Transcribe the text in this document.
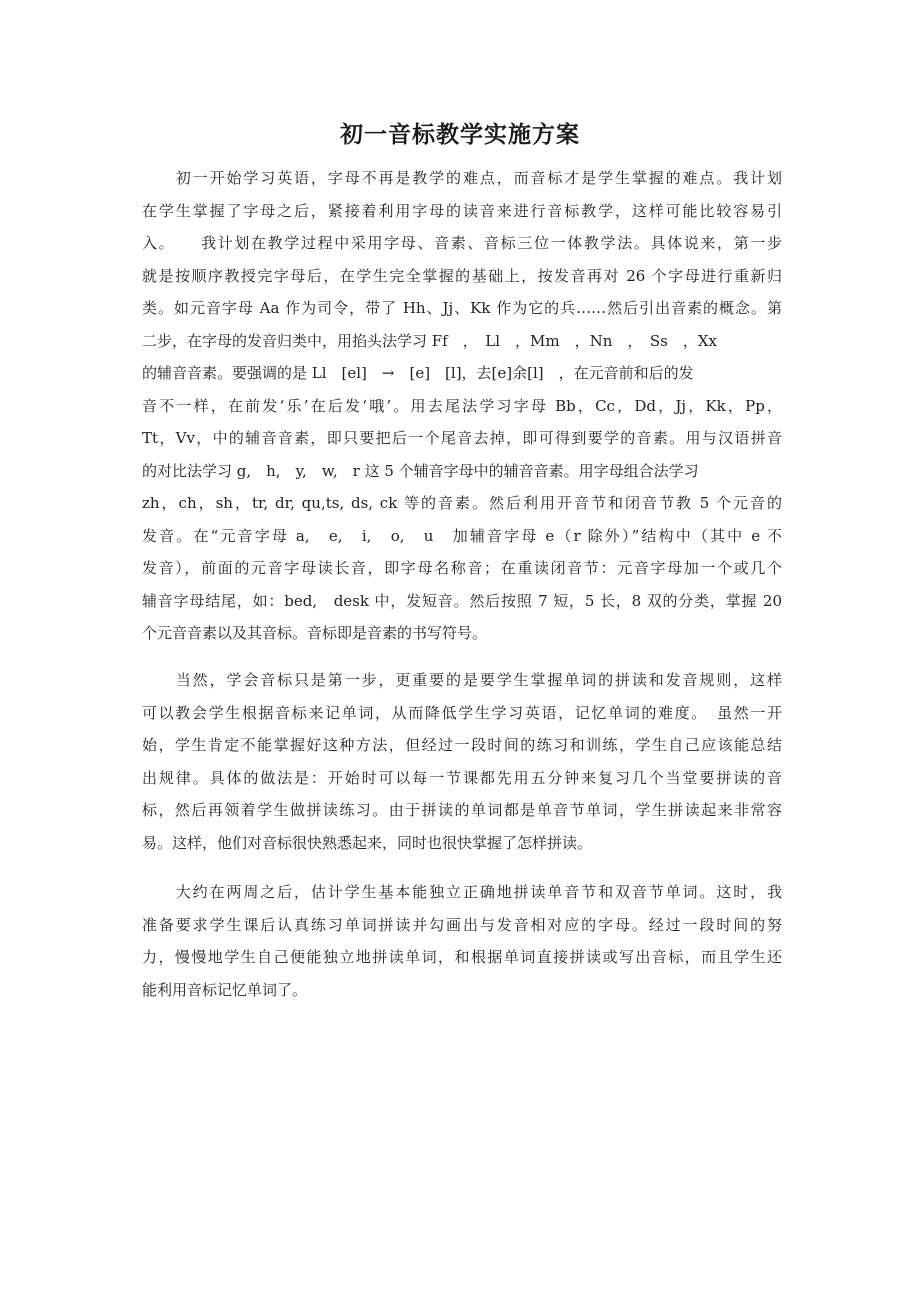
初一音标教学实施方案
　　初一开始学习英语，字母不再是教学的难点，而音标才是学生掌握的难点。我计划
在学生掌握了字母之后，紧接着利用字母的读音来进行音标教学，这样可能比较容易引
入。　　我计划在教学过程中采用字母、音素、音标三位一体教学法。具体说来，第一步
就是按顺序教授完字母后，在学生完全掌握的基础上，按发音再对 26 个字母进行重新归
类。如元音字母 Aa 作为司令，带了 Hh、Jj、Kk 作为它的兵……然后引出音素的概念。第
二步，在字母的发音归类中，用掐头法学习 Ff　，　Ll　，Mm　，Nn　，　Ss　，Xx
的辅音音素。要强调的是 Ll　[el]　→　[e]　[l]，去[e]余[l]　，在元音前和后的发
音不一样，在前发‘乐’在后发‘哦’。用去尾法学习字母 Bb，Cc，Dd，Jj，Kk，Pp，
Tt，Vv，中的辅音音素，即只要把后一个尾音去掉，即可得到要学的音素。用与汉语拼音
的对比法学习 g,　h,　y,　w,　r 这 5 个辅音字母中的辅音音素。用字母组合法学习
zh，ch，sh，tr, dr, qu,ts, ds, ck 等的音素。然后利用开音节和闭音节教 5 个元音的
发音。在“元音字母 a,　e,　i,　o,　u　加辅音字母 e（r 除外）”结构中（其中 e 不
发音），前面的元音字母读长音，即字母名称音；在重读闭音节：元音字母加一个或几个
辅音字母结尾，如：bed,　desk 中，发短音。然后按照 7 短，5 长，8 双的分类，掌握 20
个元音音素以及其音标。音标即是音素的书写符号。
　　当然，学会音标只是第一步，更重要的是要学生掌握单词的拼读和发音规则，这样
可以教会学生根据音标来记单词，从而降低学生学习英语，记忆单词的难度。　虽然一开
始，学生肯定不能掌握好这种方法，但经过一段时间的练习和训练，学生自己应该能总结
出规律。具体的做法是：开始时可以每一节课都先用五分钟来复习几个当堂要拼读的音
标，然后再领着学生做拼读练习。由于拼读的单词都是单音节单词，学生拼读起来非常容
易。这样，他们对音标很快熟悉起来，同时也很快掌握了怎样拼读。
　　大约在两周之后，估计学生基本能独立正确地拼读单音节和双音节单词。这时，我
准备要求学生课后认真练习单词拼读并勾画出与发音相对应的字母。经过一段时间的努
力，慢慢地学生自己便能独立地拼读单词，和根据单词直接拼读或写出音标，而且学生还
能利用音标记忆单词了。
